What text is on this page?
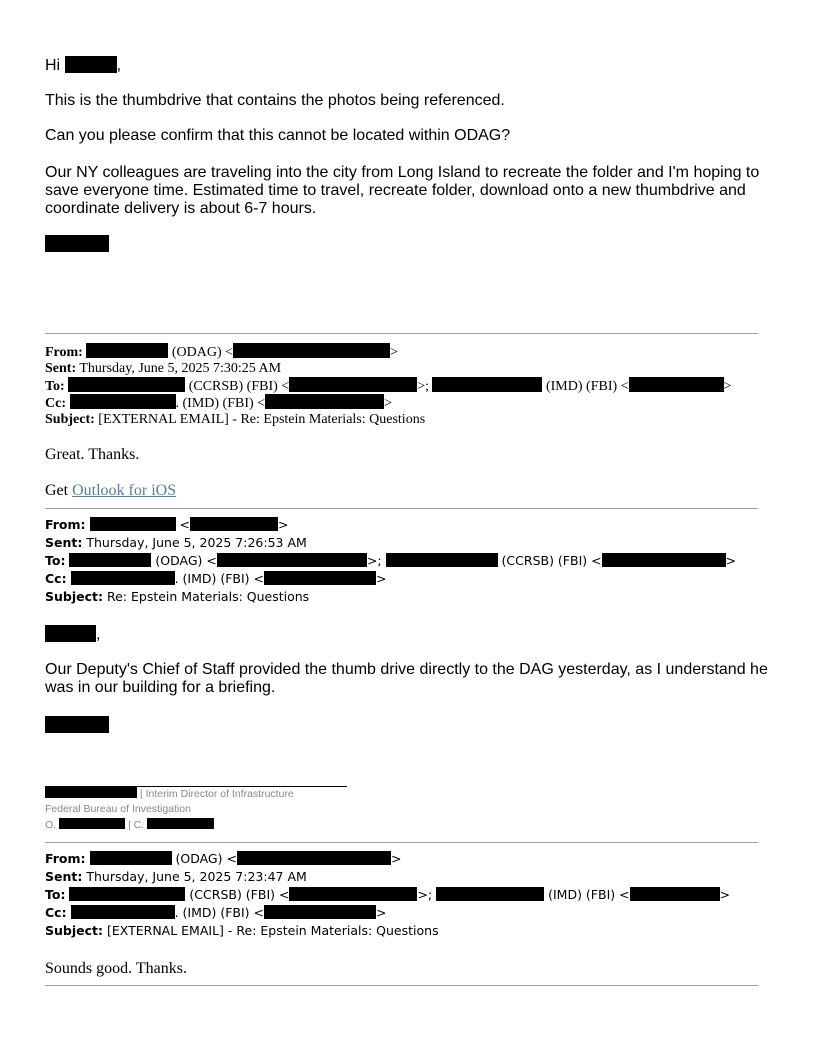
Hi	,
This is the thumbdrive that contains the photos being referenced.
Can you please confirm that this cannot be located within ODAG?
Our NY colleagues are traveling into the city from Long Island to recreate the folder and I'm hoping to save everyone time. Estimated time to travel, recreate folder, download onto a new thumbdrive and coordinate delivery is about 6-7 hours.
From:	(ODAG) <	>
Sent: Thursday, June 5, 2025 7:30:25 AM
To:	(CCRSB) (FBI) <	>;	(IMD) (FBI) <	>
Cc:	. (IMD) (FBI) <	>
Subject: [EXTERNAL EMAIL] - Re: Epstein Materials: Questions
Great. Thanks.
Get Outlook for iOS
From:	<	>
Sent: Thursday, June 5, 2025 7:26:53 AM
To:	(ODAG) <	>;	(CCRSB) (FBI) <	>
Cc:	. (IMD) (FBI) <	>
Subject: Re: Epstein Materials: Questions
,
Our Deputy's Chief of Staff provided the thumb drive directly to the DAG yesterday, as I understand he was in our building for a briefing.
| Interim Director of Infrastructure
Federal Bureau of Investigation
O.	| C.
From:	(ODAG) <	>
Sent: Thursday, June 5, 2025 7:23:47 AM
To:	(CCRSB) (FBI) <	>;	(IMD) (FBI) <	>
Cc:	. (IMD) (FBI) <	>
Subject: [EXTERNAL EMAIL] - Re: Epstein Materials: Questions
Sounds good. Thanks.
